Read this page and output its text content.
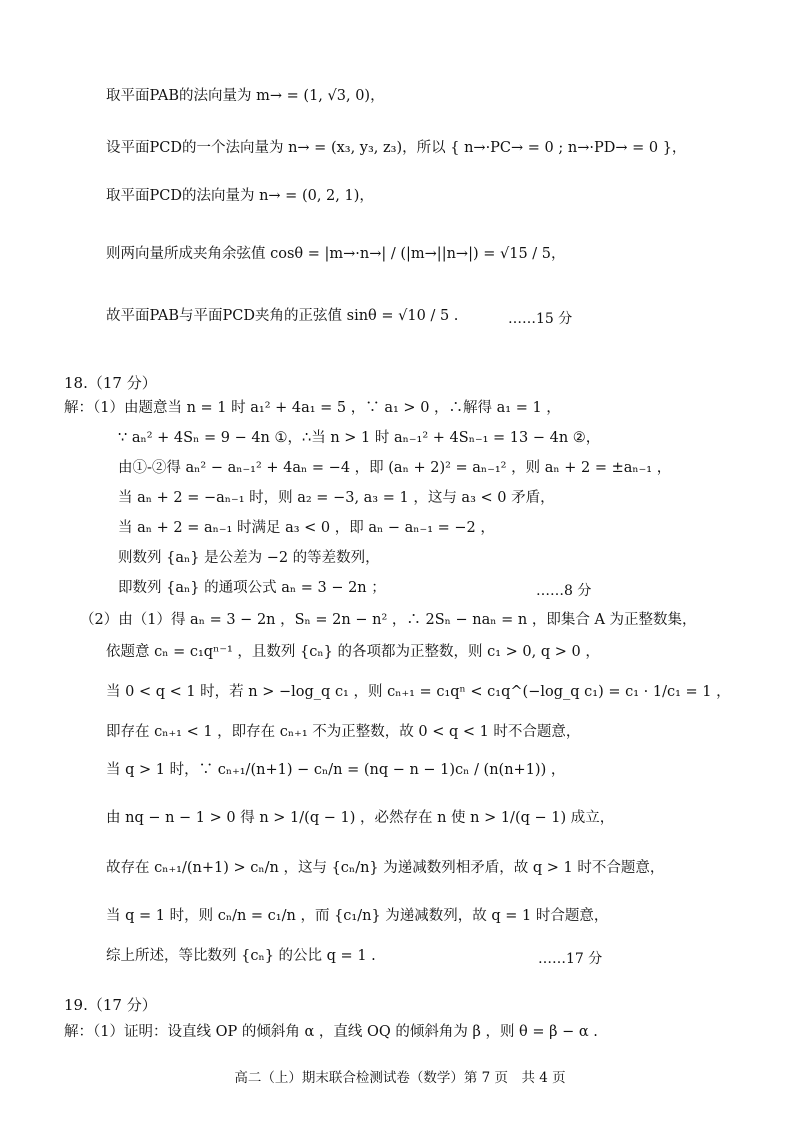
取平面PAB的法向量为 m→ = (1, √3, 0)，
设平面PCD的一个法向量为 n→ = (x₃, y₃, z₃)，所以 { n→·PC→ = 0 ; n→·PD→ = 0 }，
取平面PCD的法向量为 n→ = (0, 2, 1)，
则两向量所成夹角余弦值 cosθ = |m→·n→| / (|m→||n→|) = √15 / 5，
故平面PAB与平面PCD夹角的正弦值 sinθ = √10 / 5 .	……15 分
18.（17 分）
解：（1）由题意当 n = 1 时 a₁² + 4a₁ = 5 ，∵ a₁ > 0 ，∴解得 a₁ = 1 ，
∵ aₙ² + 4Sₙ = 9 − 4n ①，∴当 n > 1 时 aₙ₋₁² + 4Sₙ₋₁ = 13 − 4n ②，
由①-②得 aₙ² − aₙ₋₁² + 4aₙ = −4 ，即 (aₙ + 2)² = aₙ₋₁² ，则 aₙ + 2 = ±aₙ₋₁ ，
当 aₙ + 2 = −aₙ₋₁ 时，则 a₂ = −3, a₃ = 1 ，这与 a₃ < 0 矛盾，
当 aₙ + 2 = aₙ₋₁ 时满足 a₃ < 0 ，即 aₙ − aₙ₋₁ = −2 ，
则数列 {aₙ} 是公差为 −2 的等差数列，
即数列 {aₙ} 的通项公式 aₙ = 3 − 2n ；	……8 分
（2）由（1）得 aₙ = 3 − 2n ，Sₙ = 2n − n² ，∴ 2Sₙ − naₙ = n ，即集合 A 为正整数集，
依题意 cₙ = c₁qⁿ⁻¹ ，且数列 {cₙ} 的各项都为正整数，则 c₁ > 0, q > 0 ，
当 0 < q < 1 时，若 n > −log_q c₁ ，则 cₙ₊₁ = c₁qⁿ < c₁q^(−log_q c₁) = c₁ · 1/c₁ = 1 ，
即存在 cₙ₊₁ < 1 ，即存在 cₙ₊₁ 不为正整数，故 0 < q < 1 时不合题意，
当 q > 1 时，∵ cₙ₊₁/(n+1) − cₙ/n = (nq − n − 1)cₙ / (n(n+1)) ，
由 nq − n − 1 > 0 得 n > 1/(q − 1) ，必然存在 n 使 n > 1/(q − 1) 成立，
故存在 cₙ₊₁/(n+1) > cₙ/n ，这与 {cₙ/n} 为递减数列相矛盾，故 q > 1 时不合题意，
当 q = 1 时，则 cₙ/n = c₁/n ，而 {c₁/n} 为递减数列，故 q = 1 时合题意，
综上所述，等比数列 {cₙ} 的公比 q = 1 .	……17 分
19.（17 分）
解：（1）证明：设直线 OP 的倾斜角 α ，直线 OQ 的倾斜角为 β ，则 θ = β − α .
高二（上）期末联合检测试卷（数学）第 7 页　共 4 页
